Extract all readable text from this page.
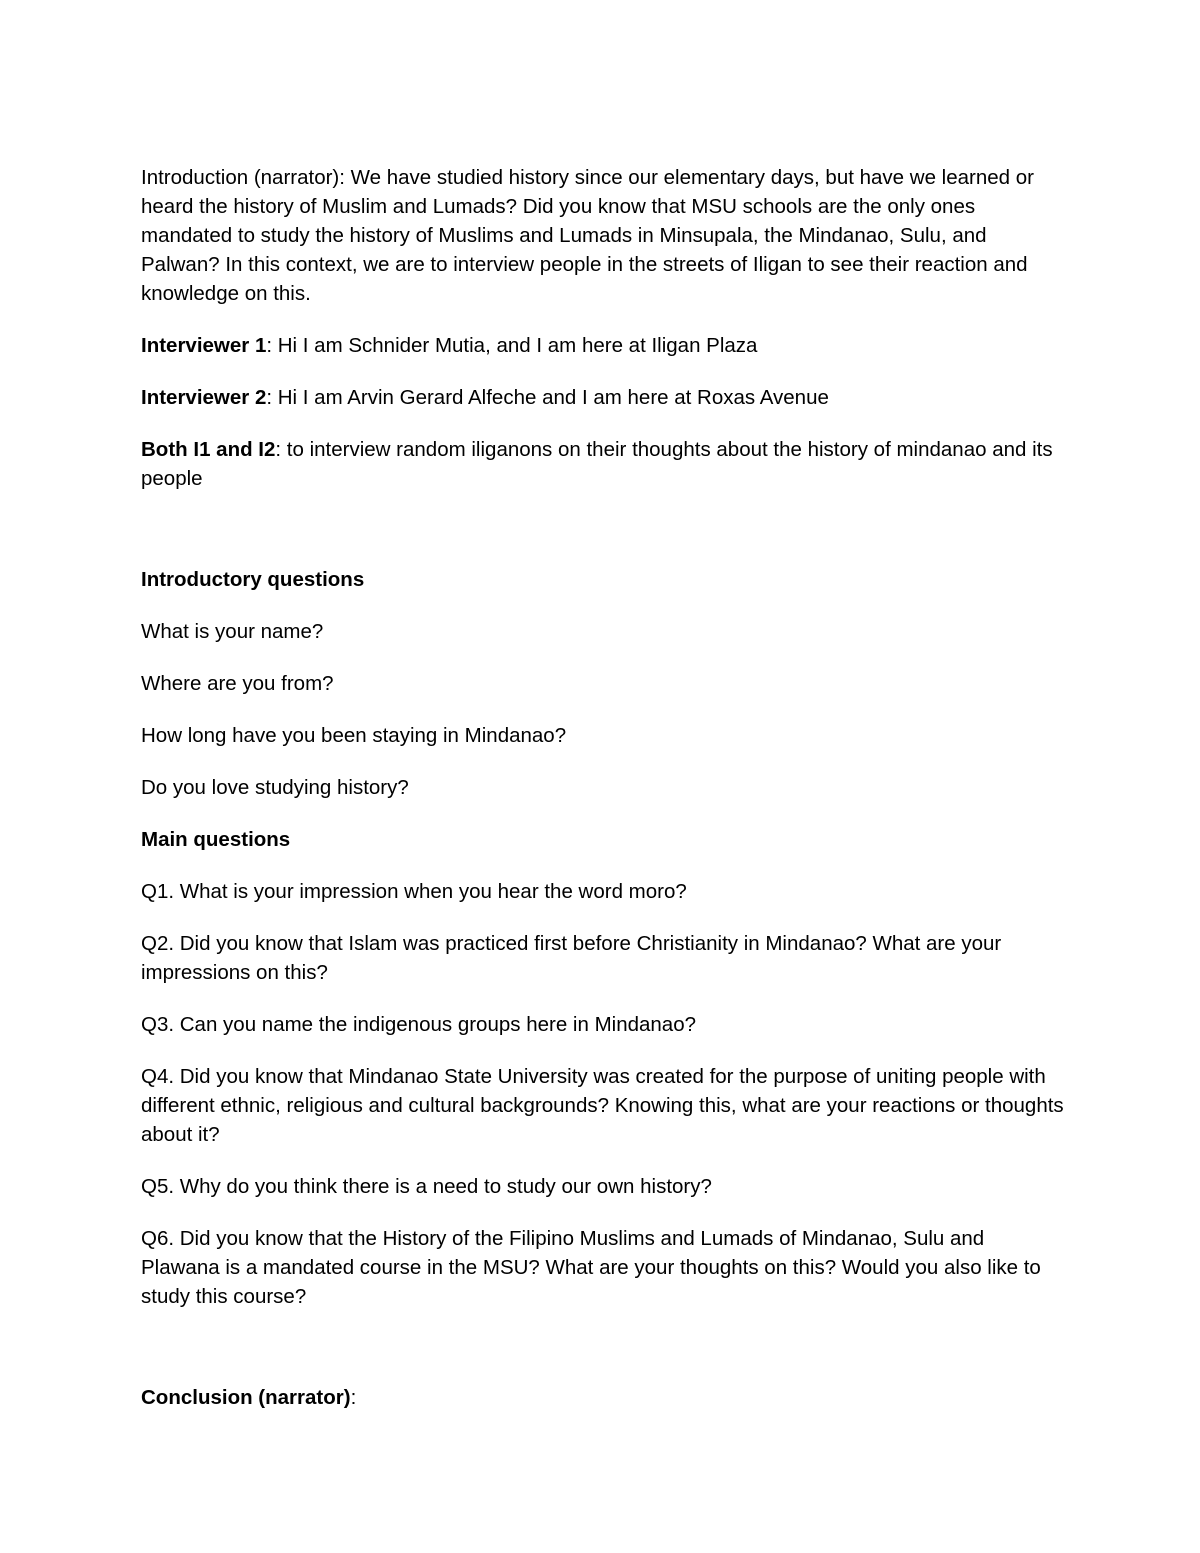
Introduction (narrator): We have studied history since our elementary days, but have we learned or heard the history of Muslim and Lumads? Did you know that MSU schools are the only ones mandated to study the history of Muslims and Lumads in Minsupala, the Mindanao, Sulu, and Palwan? In this context, we are to interview people in the streets of Iligan to see their reaction and knowledge on this.

Interviewer 1: Hi I am Schnider Mutia, and I am here at Iligan Plaza

Interviewer 2: Hi I am Arvin Gerard Alfeche and I am here at Roxas Avenue

Both I1 and I2: to interview random iliganons on their thoughts about the history of mindanao and its people

Introductory questions

What is your name?

Where are you from?

How long have you been staying in Mindanao?

Do you love studying history?

Main questions

Q1. What is your impression when you hear the word moro?

Q2. Did you know that Islam was practiced first before Christianity in Mindanao? What are your impressions on this?

Q3. Can you name the indigenous groups here in Mindanao?

Q4. Did you know that Mindanao State University was created for the purpose of uniting people with different ethnic, religious and cultural backgrounds? Knowing this, what are your reactions or thoughts about it?

Q5. Why do you think there is a need to study our own history?

Q6. Did you know that the History of the Filipino Muslims and Lumads of Mindanao, Sulu and Plawana is a mandated course in the MSU? What are your thoughts on this? Would you also like to study this course?

Conclusion (narrator):
